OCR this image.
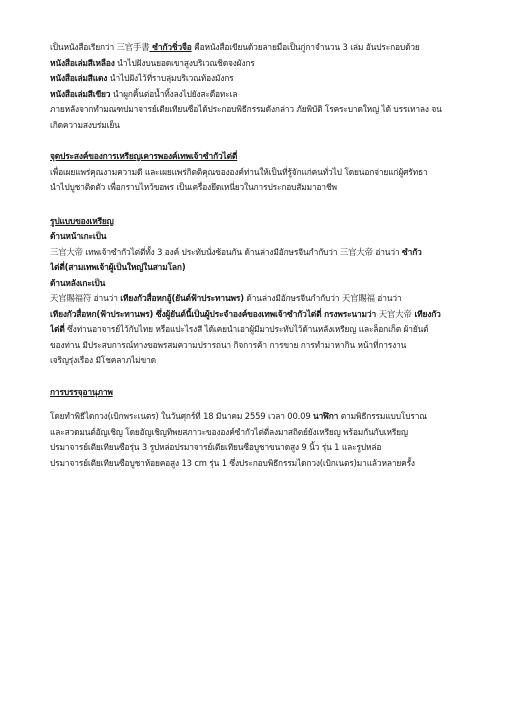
เป็นหนังสือเรียกว่า 三官手書 ซำกัวชิ่วจือ คือหนังสือเขียนด้วยลายมือเป็นกู่กาจำนวน 3 เล่ม อันประกอบด้วย

หนังสือเล่มสีเหลือง นำไปฝังบนยอดเขาสูงบริเวณชิดจงผังกร

หนังสือเล่มสีแดง นำไปฝังไว้ที่ราบลุ่มบริเวณท้องมังกร

หนังสือเล่มสีเขียว นำผูกคิ้นต่อน้ำทิ้งลงไปยังสะดือทะเล

ภายหลังจากทำมณฑปมาจารย์เตียเทียนซือได้ประกอบพิธีกรรมดังกล่าว ภัยพิบัติ โรคระบาดใหญ่ ได้ บรรเทาลง จน

เกิดความสงบร่มเย็น

จุดประสงค์ของการเหรียญเคารพองค์เทพเจ้าซำกัวไต่ตี่

เพื่อเผยแพร่คุณงามความดี และเผยแพร่กิตติคุณขององค์ท่านให้เป็นที่รู้จักแก่คนทั่วไป โดยนอกจ่ายแก่ผู้ศรัทธา

นำไปบูชาติดตัว เพื่อกราบไหว้ขอพร เป็นเครื่องยึดเหนี่ยวในการประกอบสัมมาอาชีพ

รูปแบบของเหรียญ

ด้านหน้าเกะเป็น

三官大帝 เทพเจ้าซำกัวไต่ตี่ทั้ง 3 องค์ ประทับนั่งซ้อนกัน ด้านล่างมีอักษรจีนกำกับว่า 三官大帝 อ่านว่า ซำกัว

ไต่ตี่(สามเทพเจ้าผู้เป็นใหญ่ในสามโลก)

ด้านหลังเกะเป็น

天官賜福符 อ่านว่า เทียงกัวสื่อหกอู้(ยันต์ฟ้าประทานพร) ด้านล่างมีอักษรจีนกำกับว่า 天官賜福 อ่านว่า

เทียงกัวสื่อหก(ฟ้าประทานพร) ซึ่งผู้ยันต์นี้เป็นผู้ประจำองค์ของเทพเจ้าซำกัวไต่ตี่ กรงพระนามว่า 天官大帝 เทียงกัว

ไต่ตี่ ซึ่งท่านอาจารย์ไว้กับไทย หรือแปะไรงสี ได้เคยนำเอาผู้มีมาประทับไว้ด้านหลังเหรียญ และล็อกเก็ต ผ้ายันต์

ของท่าน มีประสบการณ์ทางขอพรสมความปรารถนา กิจการค้า การขาย การทำมาหากิน หน้าที่การงาน

เจริญรุ่งเรือง มีโชคลาภไม่ขาด

การบรรจุอานุภาพ

โดยทำพิธีไดกวง(เบิกพระเนตร) ในวันศุกร์ที่ 18 มีนาคม 2559 เวลา 00.09 นาฬิกา ตามพิธีกรรมแบบโบราณ

และสวดมนต์อัญเชิญ โดยอัญเชิญทิพยสภาวะขององค์ซำกัวไต่ตี่ลงมาสถิตย์ยังเหรียญ พร้อมกันกับเหรียญ

ปรมาจารย์เตียเทียนซือรุ่น 3 รูปหล่อปรมาจารย์เตียเทียนซือบูชาขนาดสูง 9 นิ้ว รุ่น 1 และรูปหล่อ

ปรมาจารย์เตียเทียนซือบูชาห้อยคอสูง 13 cm รุ่น 1 ซึ่งประกอบพิธีกรรมไดกวง(เบิกเนตร)มาแล้วหลายครั้ง
